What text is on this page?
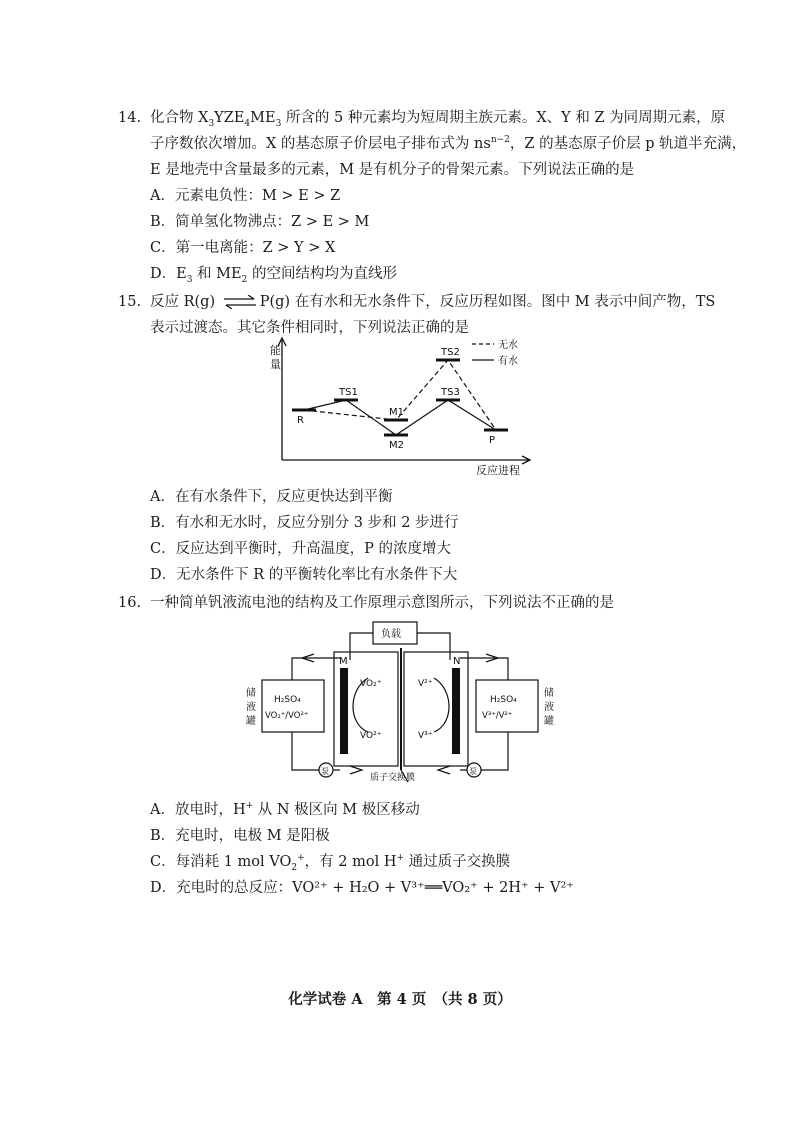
14. 化合物 $X_3YZE_4ME_3$ 所含的 5 种元素均为短周期主族元素。X、Y 和 Z 为同周期元素，原
子序数依次增加。X 的基态原子价层电子排布式为 $ns^{n-2}$，Z 的基态原子价层 p 轨道半充满，
E 是地壳中含量最多的元素，M 是有机分子的骨架元素。下列说法正确的是
A．元素电负性：M > E > Z
B．简单氢化物沸点：Z > E > M
C．第一电离能：Z > Y > X
D．$E_3$ 和 $ME_2$ 的空间结构均为直线形
15. 反应 R(g) ⇌ P(g) 在有水和无水条件下，反应历程如图。图中 M 表示中间产物，TS
表示过渡态。其它条件相同时，下列说法正确的是
能
量
反应进程
无水
有水
R
TS1
M1
M2
TS2
TS3
P
A．在有水条件下，反应更快达到平衡
B．有水和无水时，反应分别分 3 步和 2 步进行
C．反应达到平衡时，升高温度，P 的浓度增大
D．无水条件下 R 的平衡转化率比有水条件下大
16. 一种简单钒液流电池的结构及工作原理示意图所示，下列说法不正确的是
负载
M	N
质子交换膜
VO₂⁺
VO²⁺
V²⁺
V³⁺
H₂SO₄
VO₂⁺/VO²⁺
H₂SO₄
V³⁺/V²⁺
泵	泵
储
液
罐
储
液
罐
A．放电时，H+ 从 N 极区向 M 极区移动
B．充电时，电极 M 是阳极
C．每消耗 1 mol $VO_2^+$，有 2 mol H+ 通过质子交换膜
D．充电时的总反应：VO²⁺ + H₂O + V³⁺══VO₂⁺ + 2H⁺ + V²⁺
化学试卷 A　第 4 页　（共 8 页）
